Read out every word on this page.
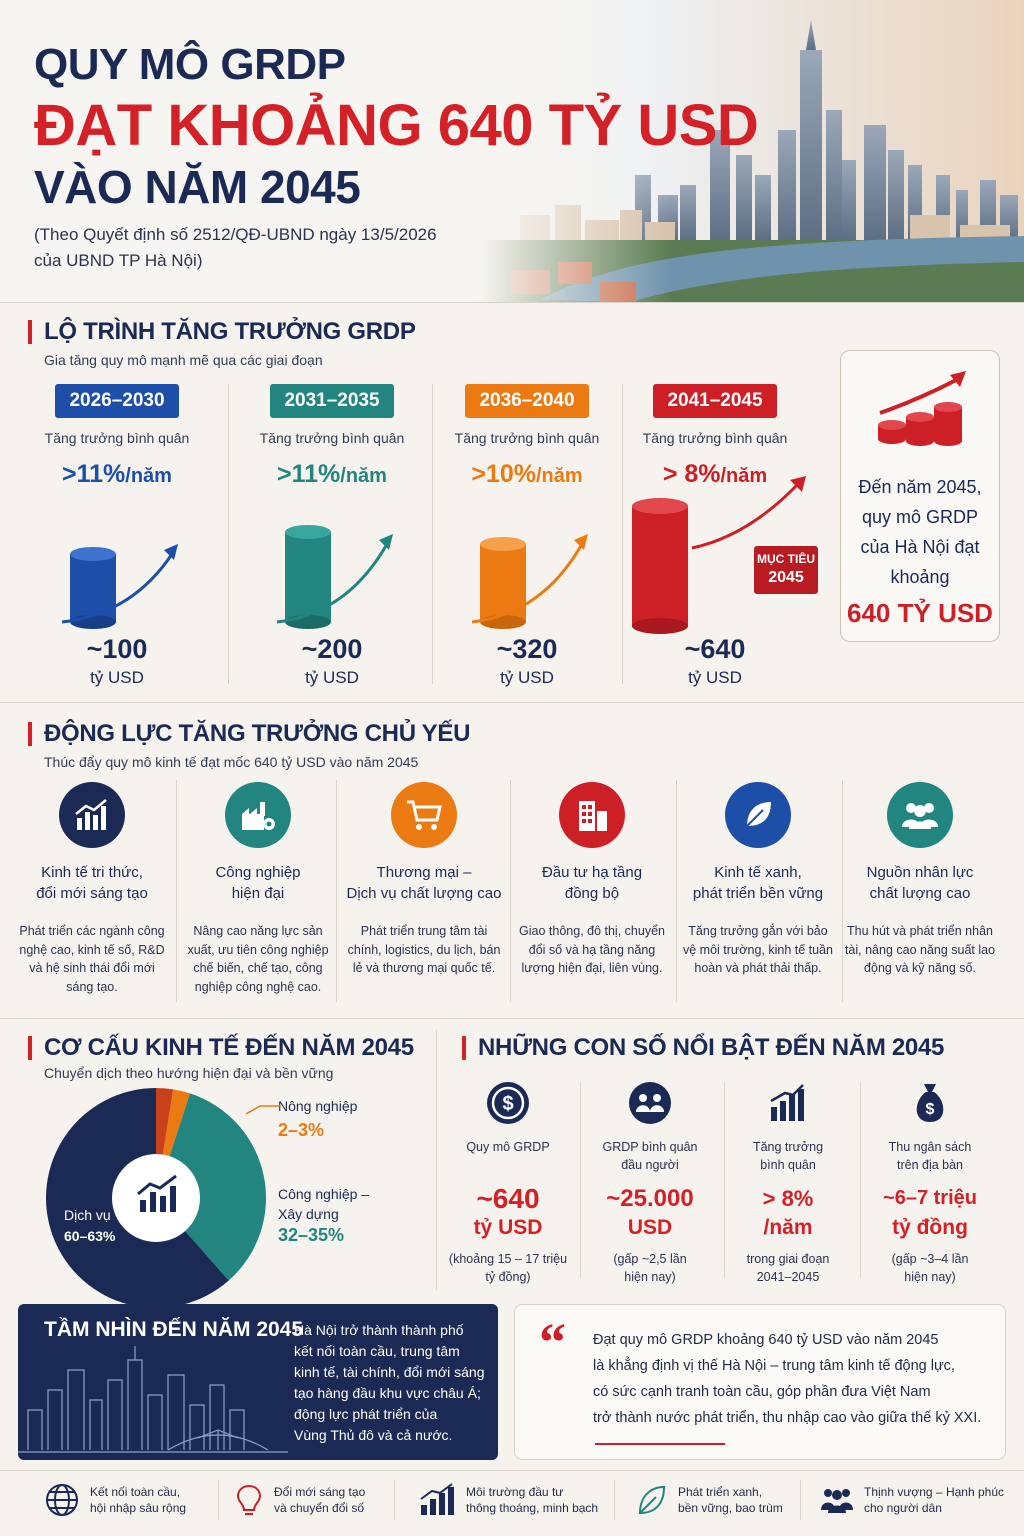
QUY MÔ GRDP
ĐẠT KHOẢNG 640 TỶ USD
VÀO NĂM 2045
(Theo Quyết định số 2512/QĐ-UBND ngày 13/5/2026
của UBND TP Hà Nội)
LỘ TRÌNH TĂNG TRƯỞNG GRDP
Gia tăng quy mô mạnh mẽ qua các giai đoạn
2026–2030
Tăng trưởng bình quân
>11%/năm
~100
tỷ USD
2031–2035
Tăng trưởng bình quân
>11%/năm
~200
tỷ USD
2036–2040
Tăng trưởng bình quân
>10%/năm
~320
tỷ USD
2041–2045
Tăng trưởng bình quân
> 8%/năm
MỤC TIÊU
2045
~640
tỷ USD
Đến năm 2045,
quy mô GRDP
của Hà Nội đạt
khoảng
640 TỶ USD
ĐỘNG LỰC TĂNG TRƯỞNG CHỦ YẾU
Thúc đẩy quy mô kinh tế đạt mốc 640 tỷ USD vào năm 2045
Kinh tế tri thức,
đổi mới sáng tạo
Phát triển các ngành công nghệ cao, kinh tế số, R&D và hệ sinh thái đổi mới sáng tạo.
Công nghiệp
hiện đại
Nâng cao năng lực sản xuất, ưu tiên công nghiệp chế biến, chế tạo, công nghiệp công nghệ cao.
Thương mại –
Dịch vụ chất lượng cao
Phát triển trung tâm tài chính, logistics, du lịch, bán lẻ và thương mại quốc tế.
Đầu tư hạ tầng
đồng bộ
Giao thông, đô thị, chuyển đổi số và hạ tầng năng lượng hiện đại, liên vùng.
Kinh tế xanh,
phát triển bền vững
Tăng trưởng gắn với bảo vệ môi trường, kinh tế tuần hoàn và phát thải thấp.
Nguồn nhân lực
chất lượng cao
Thu hút và phát triển nhân tài, nâng cao năng suất lao động và kỹ năng số.
CƠ CẤU KINH TẾ ĐẾN NĂM 2045
Chuyển dịch theo hướng hiện đại và bền vững
Dịch vụ
60–63%
Nông nghiệp
2–3%
Công nghiệp –
Xây dựng
32–35%
NHỮNG CON SỐ NỔI BẬT ĐẾN NĂM 2045
$
Quy mô GRDP
~640
tỷ USD
(khoảng 15 – 17 triệu
tỷ đồng)
GRDP bình quân
đầu người
~25.000
USD
(gấp ~2,5 lần
hiện nay)
Tăng trưởng
bình quân
> 8%
/năm
trong giai đoạn
2041–2045
$
Thu ngân sách
trên địa bàn
~6–7 triệu
tỷ đồng
(gấp ~3–4 lần
hiện nay)
TẦM NHÌN ĐẾN NĂM 2045
Hà Nội trở thành thành phố
kết nối toàn cầu, trung tâm
kinh tế, tài chính, đổi mới sáng
tạo hàng đầu khu vực châu Á;
động lực phát triển của
Vùng Thủ đô và cả nước.
“ Đạt quy mô GRDP khoảng 640 tỷ USD vào năm 2045
là khẳng định vị thế Hà Nội – trung tâm kinh tế động lực,
có sức cạnh tranh toàn cầu, góp phần đưa Việt Nam
trở thành nước phát triển, thu nhập cao vào giữa thế kỷ XXI.
Kết nối toàn cầu,
hội nhập sâu rộng
Đổi mới sáng tạo
và chuyển đổi số
Môi trường đầu tư
thông thoáng, minh bạch
Phát triển xanh,
bền vững, bao trùm
Thịnh vượng – Hạnh phúc
cho người dân
